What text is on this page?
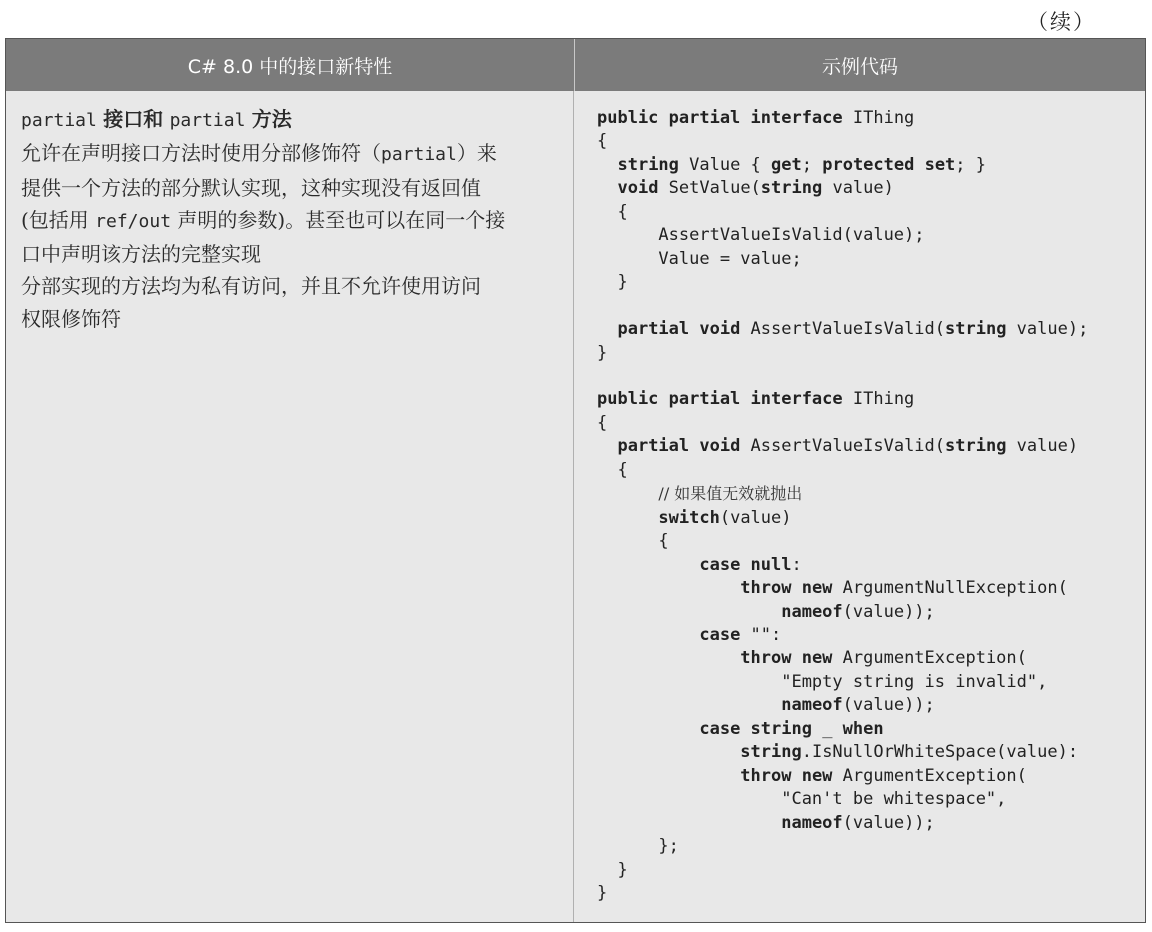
（续）
C# 8.0 中的接口新特性	示例代码
partial 接口和 partial 方法
允许在声明接口方法时使用分部修饰符（partial）来
提供一个方法的部分默认实现，这种实现没有返回值
(包括用 ref/out 声明的参数)。甚至也可以在同一个接
口中声明该方法的完整实现
分部实现的方法均为私有访问，并且不允许使用访问
权限修饰符
public partial interface IThing
{
string Value { get; protected set; }
void SetValue(string value)
{
AssertValueIsValid(value);
Value = value;
}

partial void AssertValueIsValid(string value);
}

public partial interface IThing
{
partial void AssertValueIsValid(string value)
{
// 如果值无效就抛出
switch(value)
{
case null:
throw new ArgumentNullException(
nameof(value));
case "":
throw new ArgumentException(
"Empty string is invalid",
nameof(value));
case string _ when
string.IsNullOrWhiteSpace(value):
throw new ArgumentException(
"Can't be whitespace",
nameof(value));
};
}
}
